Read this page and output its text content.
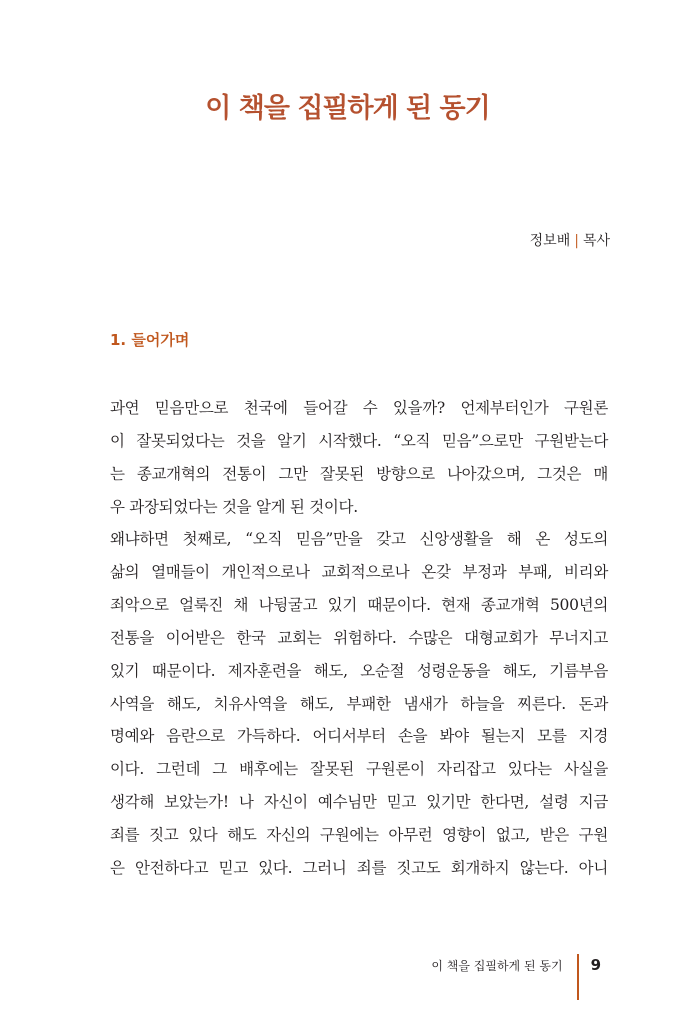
이 책을 집필하게 된 동기
정보배 | 목사
1. 들어가며
과연 믿음만으로 천국에 들어갈 수 있을까? 언제부터인가 구원론
이 잘못되었다는 것을 알기 시작했다. “오직 믿음”으로만 구원받는다
는 종교개혁의 전통이 그만 잘못된 방향으로 나아갔으며, 그것은 매
우 과장되었다는 것을 알게 된 것이다.
왜냐하면 첫째로, “오직 믿음”만을 갖고 신앙생활을 해 온 성도의
삶의 열매들이 개인적으로나 교회적으로나 온갖 부정과 부패, 비리와
죄악으로 얼룩진 채 나뒹굴고 있기 때문이다. 현재 종교개혁 500년의
전통을 이어받은 한국 교회는 위험하다. 수많은 대형교회가 무너지고
있기 때문이다. 제자훈련을 해도, 오순절 성령운동을 해도, 기름부음
사역을 해도, 치유사역을 해도, 부패한 냄새가 하늘을 찌른다. 돈과
명예와 음란으로 가득하다. 어디서부터 손을 봐야 될는지 모를 지경
이다. 그런데 그 배후에는 잘못된 구원론이 자리잡고 있다는 사실을
생각해 보았는가! 나 자신이 예수님만 믿고 있기만 한다면, 설령 지금
죄를 짓고 있다 해도 자신의 구원에는 아무런 영향이 없고, 받은 구원
은 안전하다고 믿고 있다. 그러니 죄를 짓고도 회개하지 않는다. 아니
이 책을 집필하게 된 동기 9
